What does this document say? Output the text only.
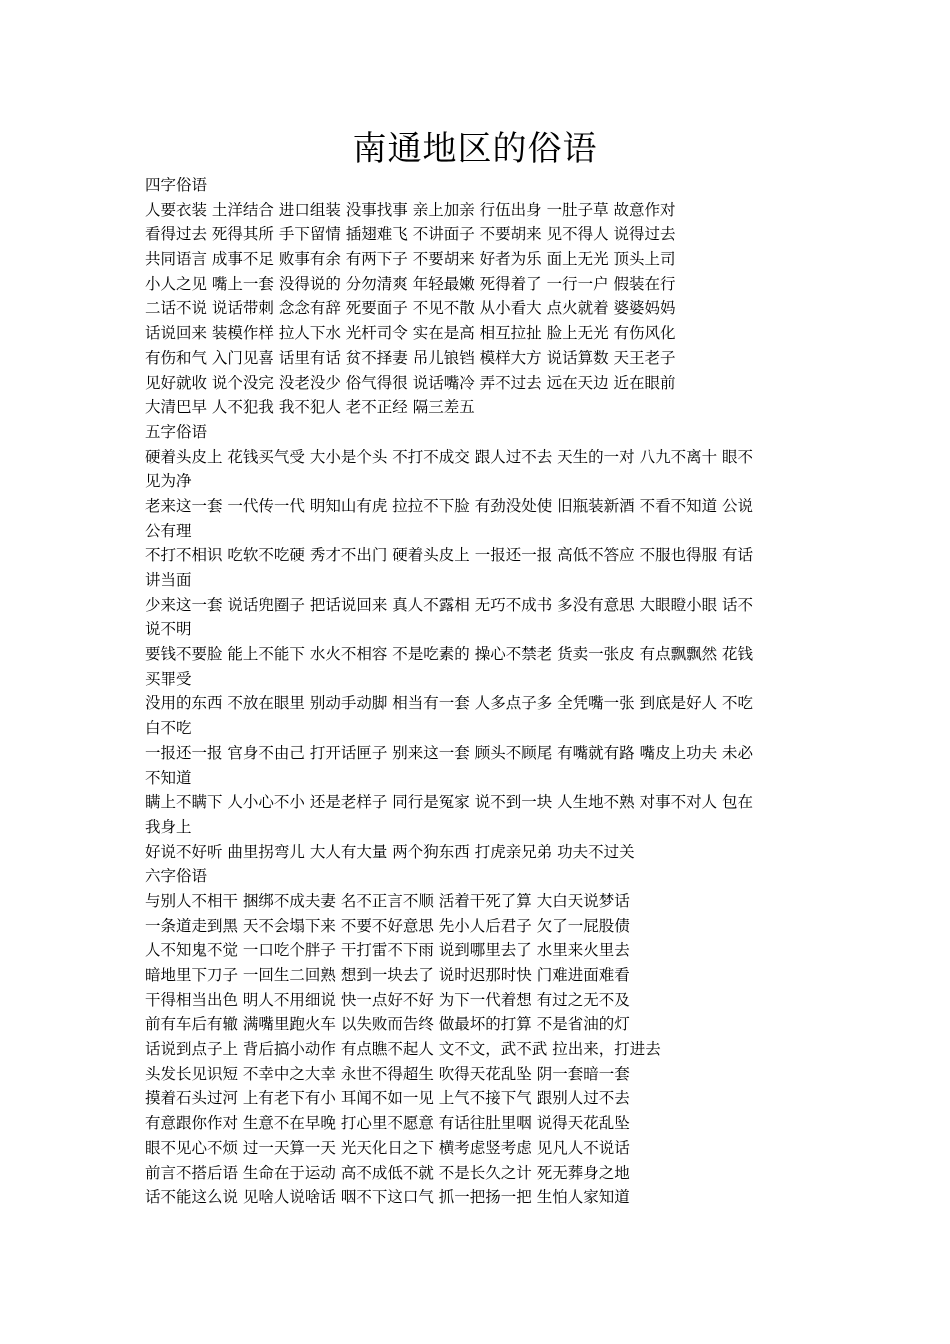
南通地区的俗语
四字俗语
人要衣装 土洋结合 进口组装 没事找事 亲上加亲 行伍出身 一肚子草 故意作对
看得过去 死得其所 手下留情 插翅难飞 不讲面子 不要胡来 见不得人 说得过去
共同语言 成事不足 败事有余 有两下子 不要胡来 好者为乐 面上无光 顶头上司
小人之见 嘴上一套 没得说的 分勿清爽 年轻最嫩 死得着了 一行一户 假装在行
二话不说 说话带刺 念念有辞 死要面子 不见不散 从小看大 点火就着 婆婆妈妈
话说回来 装模作样 拉人下水 光杆司令 实在是高 相互拉扯 脸上无光 有伤风化
有伤和气 入门见喜 话里有话 贫不择妻 吊儿锒铛 模样大方 说话算数 天王老子
见好就收 说个没完 没老没少 俗气得很 说话嘴冷 弄不过去 远在天边 近在眼前
大清巴早 人不犯我 我不犯人 老不正经 隔三差五
五字俗语
硬着头皮上 花钱买气受 大小是个头 不打不成交 跟人过不去 天生的一对 八九不离十 眼不
见为净
老来这一套 一代传一代 明知山有虎 拉拉不下脸 有劲没处使 旧瓶装新酒 不看不知道 公说
公有理
不打不相识 吃软不吃硬 秀才不出门 硬着头皮上 一报还一报 高低不答应 不服也得服 有话
讲当面
少来这一套 说话兜圈子 把话说回来 真人不露相 无巧不成书 多没有意思 大眼瞪小眼 话不
说不明
要钱不要脸 能上不能下 水火不相容 不是吃素的 操心不禁老 货卖一张皮 有点飘飘然 花钱
买罪受
没用的东西 不放在眼里 别动手动脚 相当有一套 人多点子多 全凭嘴一张 到底是好人 不吃
白不吃
一报还一报 官身不由己 打开话匣子 别来这一套 顾头不顾尾 有嘴就有路 嘴皮上功夫 未必
不知道
瞒上不瞒下 人小心不小 还是老样子 同行是冤家 说不到一块 人生地不熟 对事不对人 包在
我身上
好说不好听 曲里拐弯儿 大人有大量 两个狗东西 打虎亲兄弟 功夫不过关
六字俗语
与别人不相干 捆绑不成夫妻 名不正言不顺 活着干死了算 大白天说梦话
一条道走到黑 天不会塌下来 不要不好意思 先小人后君子 欠了一屁股债
人不知鬼不觉 一口吃个胖子 干打雷不下雨 说到哪里去了 水里来火里去
暗地里下刀子 一回生二回熟 想到一块去了 说时迟那时快 门难进面难看
干得相当出色 明人不用细说 快一点好不好 为下一代着想 有过之无不及
前有车后有辙 满嘴里跑火车 以失败而告终 做最坏的打算 不是省油的灯
话说到点子上 背后搞小动作 有点瞧不起人 文不文，武不武 拉出来，打进去
头发长见识短 不幸中之大幸 永世不得超生 吹得天花乱坠 阴一套暗一套
摸着石头过河 上有老下有小 耳闻不如一见 上气不接下气 跟别人过不去
有意跟你作对 生意不在早晚 打心里不愿意 有话往肚里咽 说得天花乱坠
眼不见心不烦 过一天算一天 光天化日之下 横考虑竖考虑 见凡人不说话
前言不搭后语 生命在于运动 高不成低不就 不是长久之计 死无葬身之地
话不能这么说 见啥人说啥话 咽不下这口气 抓一把扬一把 生怕人家知道
